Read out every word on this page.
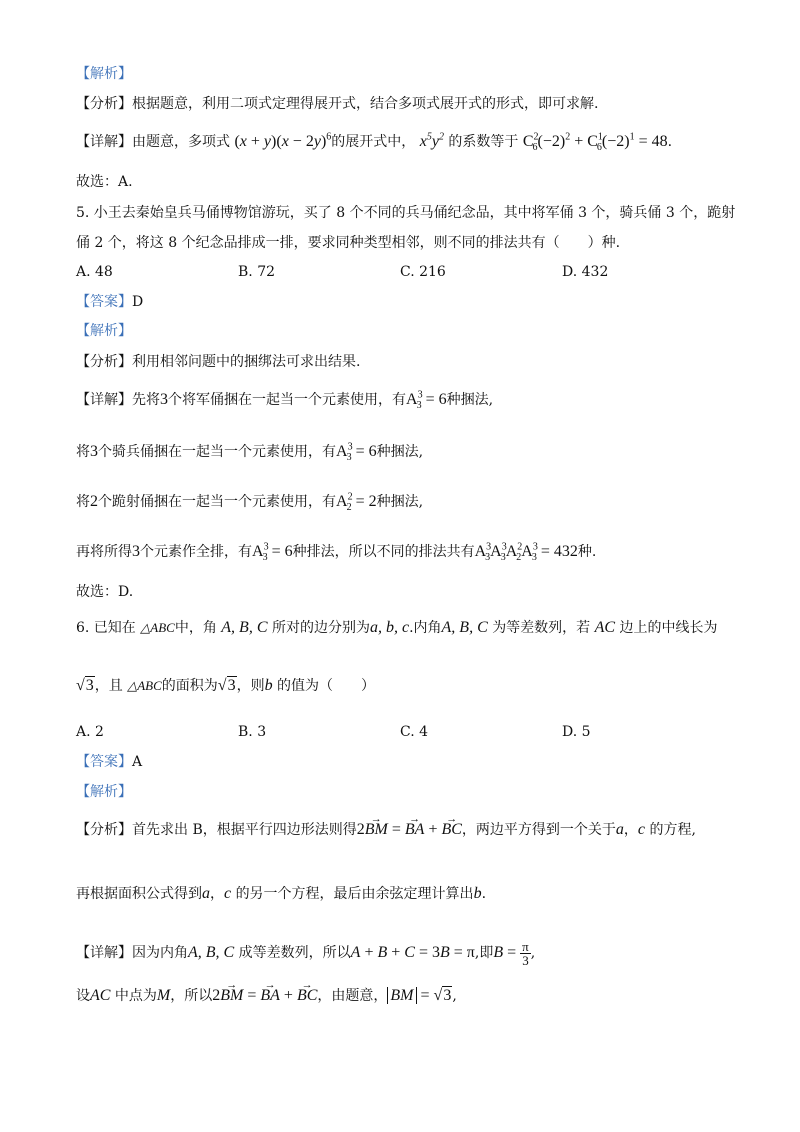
【解析】
【分析】根据题意，利用二项式定理得展开式，结合多项式展开式的形式，即可求解.
【详解】由题意，多项式 $(x + y)(x - 2y)^6$的展开式中， $x^5y^2$ 的系数等于 $C^2_6(-2)^2 + C^1_6(-2)^1 = 48$.
故选：A.
5. 小王去秦始皇兵马俑博物馆游玩，买了 8 个不同的兵马俑纪念品，其中将军俑 3 个，骑兵俑 3 个，跪射
俑 2 个，将这 8 个纪念品排成一排，要求同种类型相邻，则不同的排法共有（　　）种.
A. 48	B. 72	C. 216	D. 432
【答案】D
【解析】
【分析】利用相邻问题中的捆绑法可求出结果.
【详解】先将3个将军俑捆在一起当一个元素使用，有$A^3_3 = 6$种捆法,
将3个骑兵俑捆在一起当一个元素使用，有$A^3_3 = 6$种捆法,
将2个跪射俑捆在一起当一个元素使用，有$A^2_2 = 2$种捆法,
再将所得3个元素作全排，有$A^3_3 = 6$种排法，所以不同的排法共有$A^3_3A^3_3A^2_2A^3_3 = 432$种.
故选：D.
6. 已知在 △ABC中，角 A, B, C 所对的边分别为a, b, c.内角A, B, C 为等差数列，若 AC 边上的中线长为
√3，且 △ABC的面积为√3，则b 的值为（　　）
A. 2	B. 3	C. 4	D. 5
【答案】A
【解析】
【分析】首先求出 B，根据平行四边形法则得2→ BM = → BA + → BC，两边平方得到一个关于a，c 的方程,
再根据面积公式得到a，c 的另一个方程，最后由余弦定理计算出b.
【详解】因为内角A, B, C 成等差数列，所以A + B + C = 3B = π,即$B = \frac{\pi}{3}$ ,
设AC 中点为M，所以2→ BM = → BA + → BC，由题意， BM = √3,
